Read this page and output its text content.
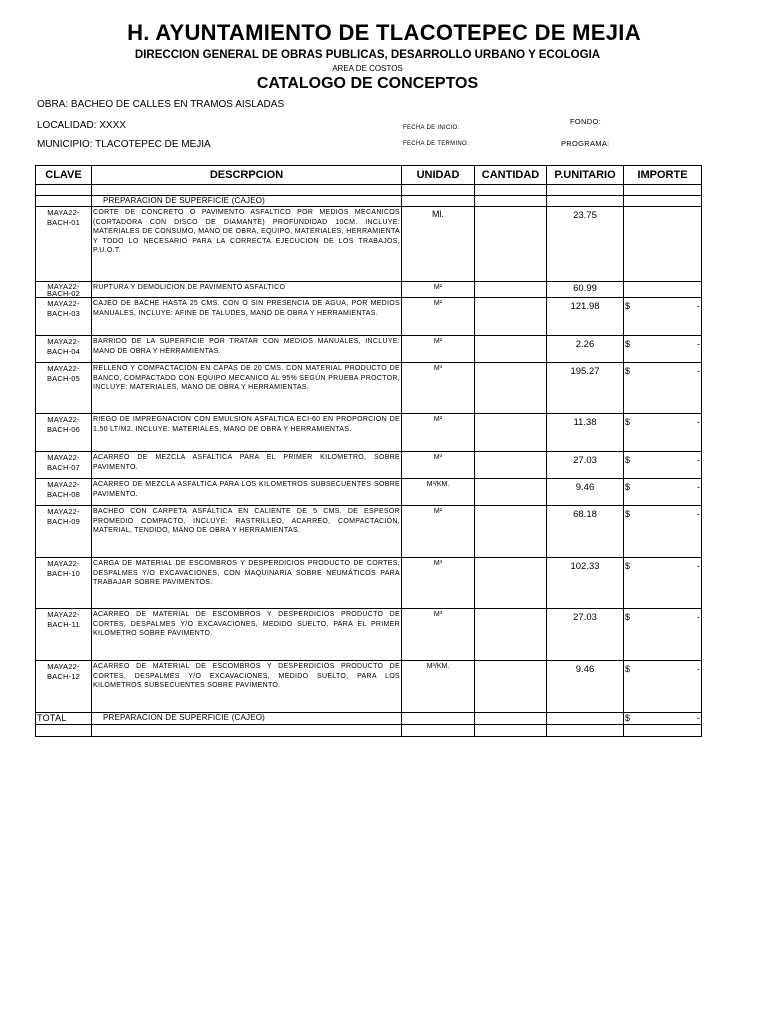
H. AYUNTAMIENTO DE TLACOTEPEC DE MEJIA
DIRECCION GENERAL DE OBRAS PUBLICAS, DESARROLLO URBANO Y ECOLOGIA
AREA DE COSTOS
CATALOGO DE CONCEPTOS
OBRA: BACHEO DE CALLES EN TRAMOS AISLADAS
LOCALIDAD: XXXX
MUNICIPIO: TLACOTEPEC DE MEJIA
FECHA DE INICIO:
FECHA DE TERMINO:
FONDO:
PROGRAMA:
CLAVE	DESCRPCION	UNIDAD	CANTIDAD	P.UNITARIO	IMPORTE

	PREPARACION DE SUPERFICIE (CAJEO)				
MAYA22-
BACH-01	CORTE DE CONCRETO O PAVIMENTO ASFALTICO POR MEDIOS MECANICOS (CORTADORA CON DISCO DE DIAMANTE) PROFUNDIDAD 10CM. INCLUYE: MATERIALES DE CONSUMO, MANO DE OBRA, EQUIPO, MATERIALES, HERRAMIENTA Y TODO LO NECESARIO PARA LA CORRECTA EJECUCION DE LOS TRABAJOS, P.U.O.T.	Ml.		23.75	

MAYA22-
BACH-02	RUPTURA Y DEMOLICION DE PAVIMENTO ASFALTICO	M²		60.99	

MAYA22-
BACH-03	CAJEO DE BACHE HASTA 25 CMS. CON O SIN PRESENCIA DE AGUA, POR MEDIOS MANUALES, INCLUYE: AFINE DE TALUDES, MANO DE OBRA Y HERRAMIENTAS.	M²		121.98	$ -

MAYA22-
BACH-04	BARRIDO DE LA SUPERFICIE POR TRATAR CON MEDIOS MANUALES, INCLUYE: MANO DE OBRA Y HERRAMIENTAS.	M²		2.26	$ -

MAYA22-
BACH-05	RELLENO Y COMPACTACIÓN EN CAPAS DE 20 CMS. CON MATERIAL PRODUCTO DE BANCO, COMPACTADO CON EQUIPO MECANICO AL 95% SEGÚN PRUEBA PROCTOR, INCLUYE: MATERIALES, MANO DE OBRA Y HERRAMIENTAS.	M³		195.27	$ -

MAYA22-
BACH-06	RIEGO DE IMPREGNACION CON EMULSION ASFALTICA ECI-60 EN PROPORCION DE 1.50 LT/M2. INCLUYE: MATERIALES, MANO DE OBRA Y HERRAMIENTAS.	M²		11.38	$ -

MAYA22-
BACH-07	ACARREO DE MEZCLA ASFALTICA PARA EL PRIMER KILOMETRO, SOBRE PAVIMENTO.	M³		27.03	$ -

MAYA22-
BACH-08	ACARREO DE MEZCLA ASFALTICA PARA LOS KILOMETROS SUBSECUENTES SOBRE PAVIMENTO.	M³/KM.		9.46	$ -

MAYA22-
BACH-09	BACHEO CON CARPETA ASFÁLTICA EN CALIENTE DE 5 CMS. DE ESPESOR PROMEDIO COMPACTO, INCLUYE: RASTRILLEO, ACARREO, COMPACTACIÓN, MATERIAL, TENDIDO, MANO DE OBRA Y HERRAMIENTAS.	M²		68.18	$ -

MAYA22-
BACH-10	CARGA DE MATERIAL DE ESCOMBROS Y DESPERDICIOS PRODUCTO DE CORTES, DESPALMES Y/O EXCAVACIONES, CON MAQUINARIA SOBRE NEUMÁTICOS PARA TRABAJAR SOBRE PAVIMENTOS.	M³		102.33	$ -

MAYA22-
BACH-11	ACARREO DE MATERIAL DE ESCOMBROS Y DESPERDICIOS PRODUCTO DE CORTES, DESPALMES Y/O EXCAVACIONES, MEDIDO SUELTO, PARA EL PRIMER KILOMETRO SOBRE PAVIMENTO.	M³		27.03	$ -

MAYA22-
BACH-12	ACARREO DE MATERIAL DE ESCOMBROS Y DESPERDICIOS PRODUCTO DE CORTES, DESPALMES Y/O EXCAVACIONES, MEDIDO SUELTO, PARA LOS KILOMETROS SUBSECUENTES SOBRE PAVIMENTO.	M³/KM.		9.46	$ -

TOTAL	PREPARACION DE SUPERFICIE (CAJEO)				$ -
